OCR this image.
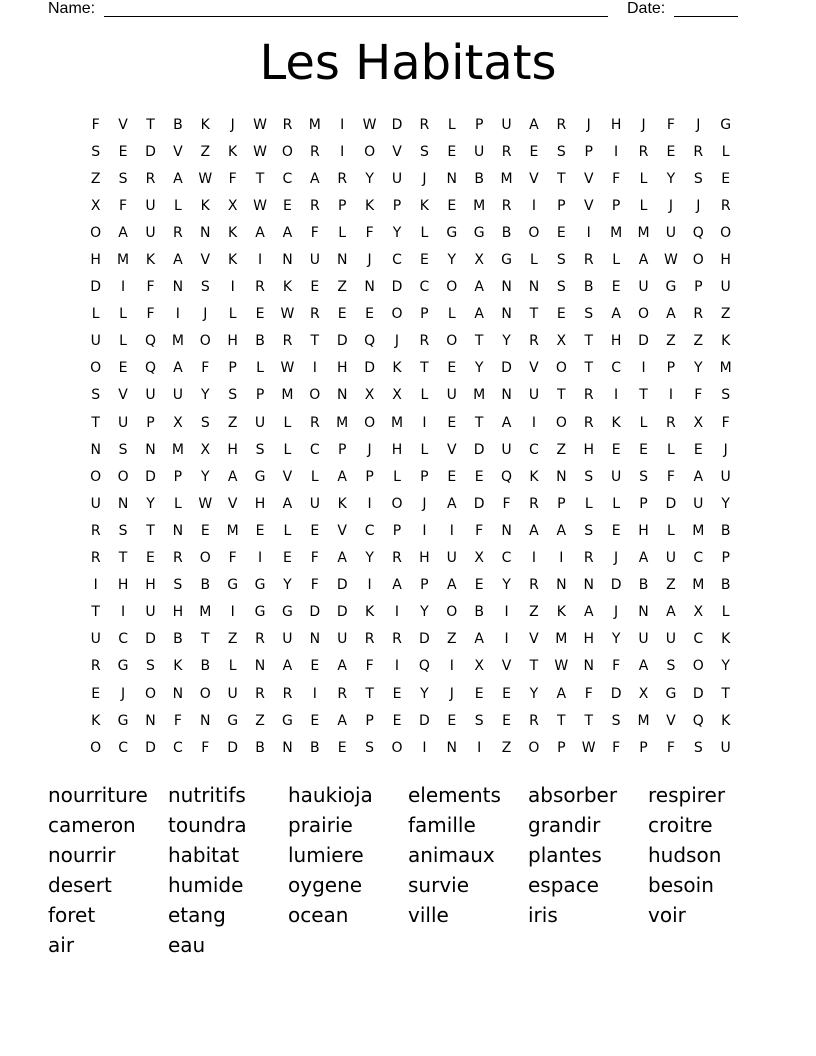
Name:	Date:
Les Habitats
F	V	T	B	K	J	W	R	M	I	W	D	R	L	P	U	A	R	J	H	J	F	J	G
S	E	D	V	Z	K	W	O	R	I	O	V	S	E	U	R	E	S	P	I	R	E	R	L
Z	S	R	A	W	F	T	C	A	R	Y	U	J	N	B	M	V	T	V	F	L	Y	S	E
X	F	U	L	K	X	W	E	R	P	K	P	K	E	M	R	I	P	V	P	L	J	J	R
O	A	U	R	N	K	A	A	F	L	F	Y	L	G	G	B	O	E	I	M	M	U	Q	O
H	M	K	A	V	K	I	N	U	N	J	C	E	Y	X	G	L	S	R	L	A	W	O	H
D	I	F	N	S	I	R	K	E	Z	N	D	C	O	A	N	N	S	B	E	U	G	P	U
L	L	F	I	J	L	E	W	R	E	E	O	P	L	A	N	T	E	S	A	O	A	R	Z
U	L	Q	M	O	H	B	R	T	D	Q	J	R	O	T	Y	R	X	T	H	D	Z	Z	K
O	E	Q	A	F	P	L	W	I	H	D	K	T	E	Y	D	V	O	T	C	I	P	Y	M
S	V	U	U	Y	S	P	M	O	N	X	X	L	U	M	N	U	T	R	I	T	I	F	S
T	U	P	X	S	Z	U	L	R	M	O	M	I	E	T	A	I	O	R	K	L	R	X	F
N	S	N	M	X	H	S	L	C	P	J	H	L	V	D	U	C	Z	H	E	E	L	E	J
O	O	D	P	Y	A	G	V	L	A	P	L	P	E	E	Q	K	N	S	U	S	F	A	U
U	N	Y	L	W	V	H	A	U	K	I	O	J	A	D	F	R	P	L	L	P	D	U	Y
R	S	T	N	E	M	E	L	E	V	C	P	I	I	F	N	A	A	S	E	H	L	M	B
R	T	E	R	O	F	I	E	F	A	Y	R	H	U	X	C	I	I	R	J	A	U	C	P
I	H	H	S	B	G	G	Y	F	D	I	A	P	A	E	Y	R	N	N	D	B	Z	M	B
T	I	U	H	M	I	G	G	D	D	K	I	Y	O	B	I	Z	K	A	J	N	A	X	L
U	C	D	B	T	Z	R	U	N	U	R	R	D	Z	A	I	V	M	H	Y	U	U	C	K
R	G	S	K	B	L	N	A	E	A	F	I	Q	I	X	V	T	W	N	F	A	S	O	Y
E	J	O	N	O	U	R	R	I	R	T	E	Y	J	E	E	Y	A	F	D	X	G	D	T
K	G	N	F	N	G	Z	G	E	A	P	E	D	E	S	E	R	T	T	S	M	V	Q	K
O	C	D	C	F	D	B	N	B	E	S	O	I	N	I	Z	O	P	W	F	P	F	S	U
nourriture	nutritifs	haukioja	elements	absorber	respirer
cameron	toundra	prairie	famille	grandir	croitre
nourrir	habitat	lumiere	animaux	plantes	hudson
desert	humide	oygene	survie	espace	besoin
foret	etang	ocean	ville	iris	voir
air	eau
